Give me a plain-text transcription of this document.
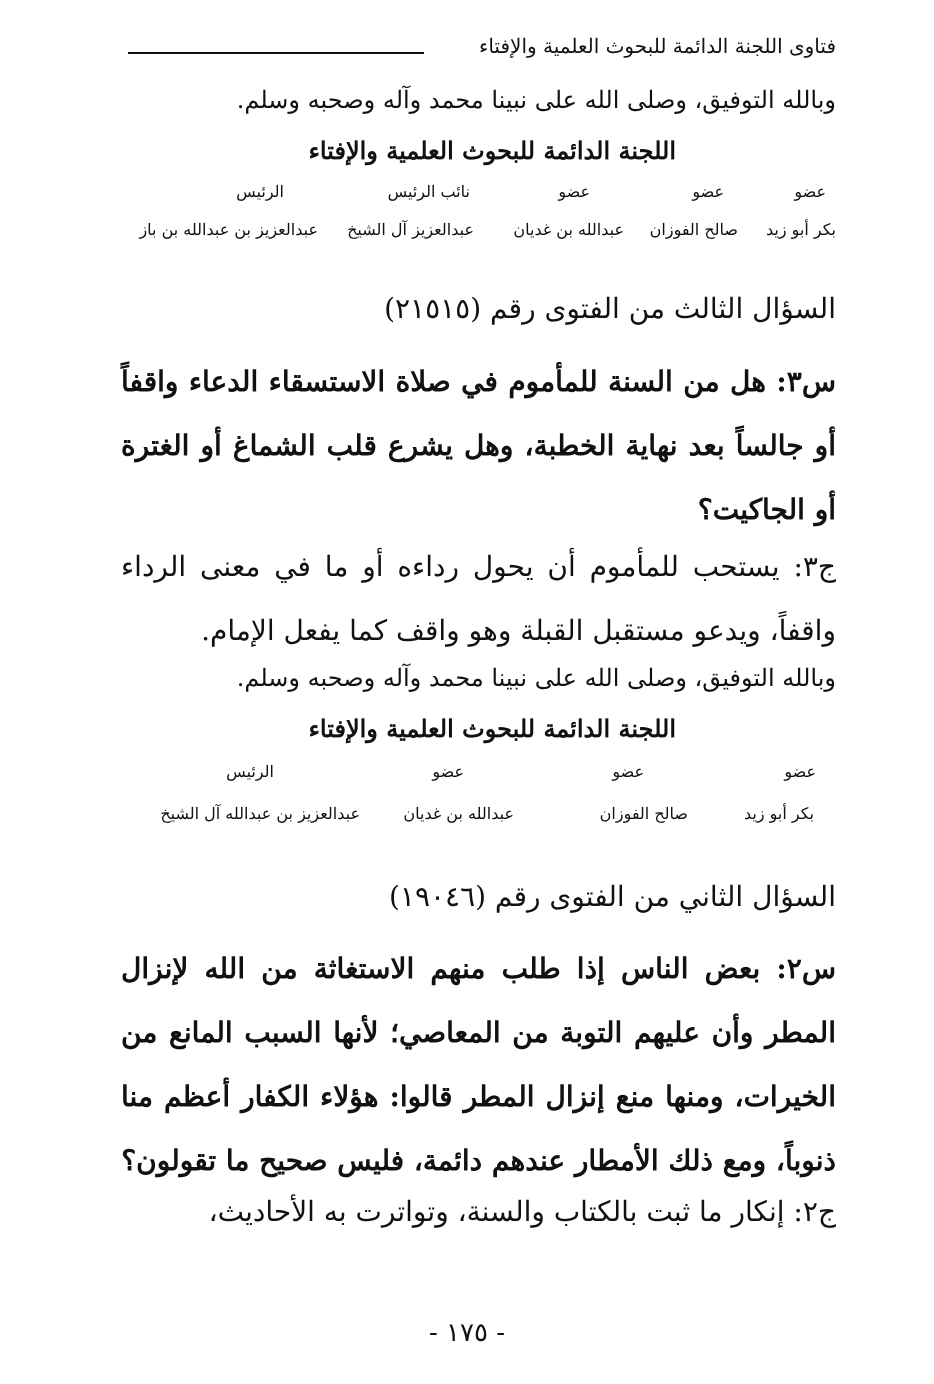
فتاوى اللجنة الدائمة للبحوث العلمية والإفتاء
وبالله التوفيق، وصلى الله على نبينا محمد وآله وصحبه وسلم.
اللجنة الدائمة للبحوث العلمية والإفتاء
عضو
بكر أبو زيد
عضو
صالح الفوزان
عضو
عبدالله بن غديان
نائب الرئيس
عبدالعزيز آل الشيخ
الرئيس
عبدالعزيز بن عبدالله بن باز
السؤال الثالث من الفتوى رقم (٢١٥١٥)
س٣: هل من السنة للمأموم في صلاة الاستسقاء الدعاء واقفاً أو جالساً بعد نهاية الخطبة، وهل يشرع قلب الشماغ أو الغترة أو الجاكيت؟
ج٣: يستحب للمأموم أن يحول رداءه أو ما في معنى الرداء واقفاً، ويدعو مستقبل القبلة وهو واقف كما يفعل الإمام.
وبالله التوفيق، وصلى الله على نبينا محمد وآله وصحبه وسلم.
اللجنة الدائمة للبحوث العلمية والإفتاء
عضو
بكر أبو زيد
عضو
صالح الفوزان
عضو
عبدالله بن غديان
الرئيس
عبدالعزيز بن عبدالله آل الشيخ
السؤال الثاني من الفتوى رقم (١٩٠٤٦)
س٢: بعض الناس إذا طلب منهم الاستغاثة من الله لإنزال المطر وأن عليهم التوبة من المعاصي؛ لأنها السبب المانع من الخيرات، ومنها منع إنزال المطر قالوا: هؤلاء الكفار أعظم منا ذنوباً، ومع ذلك الأمطار عندهم دائمة، فليس صحيح ما تقولون؟
ج٢: إنكار ما ثبت بالكتاب والسنة، وتواترت به الأحاديث،
- ١٧٥ -
